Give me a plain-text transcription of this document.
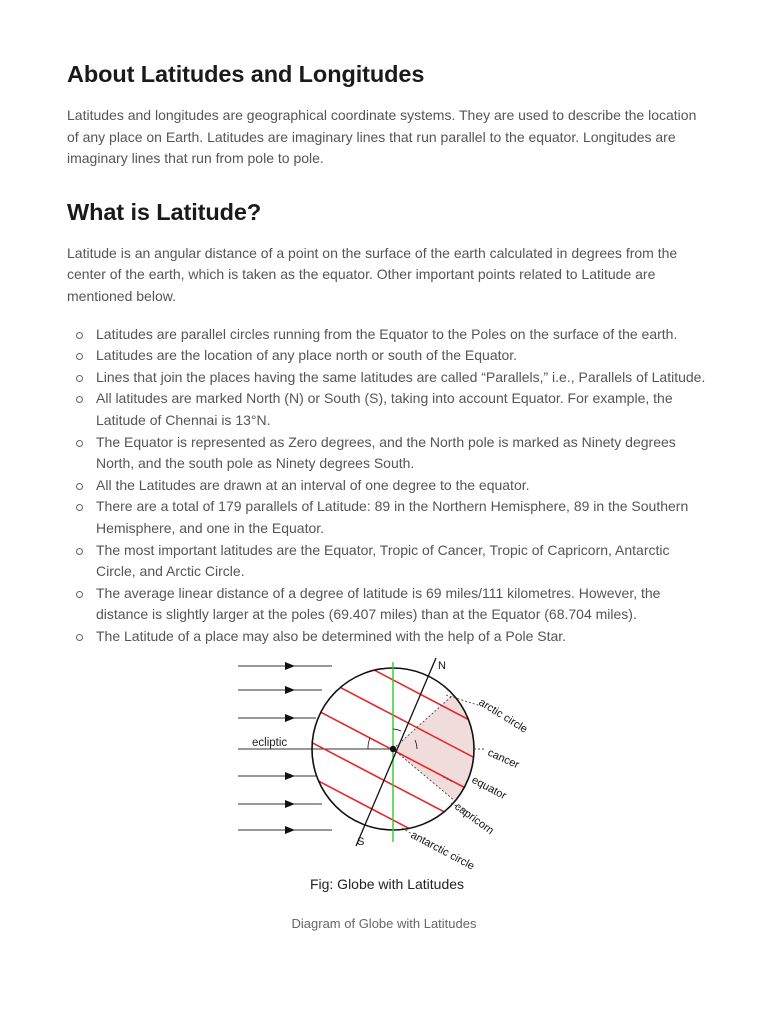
About Latitudes and Longitudes

Latitudes and longitudes are geographical coordinate systems. They are used to describe the location of any place on Earth. Latitudes are imaginary lines that run parallel to the equator. Longitudes are imaginary lines that run from pole to pole.

What is Latitude?

Latitude is an angular distance of a point on the surface of the earth calculated in degrees from the center of the earth, which is taken as the equator. Other important points related to Latitude are mentioned below.

Latitudes are parallel circles running from the Equator to the Poles on the surface of the earth.
Latitudes are the location of any place north or south of the Equator.
Lines that join the places having the same latitudes are called “Parallels,” i.e., Parallels of Latitude.
All latitudes are marked North (N) or South (S), taking into account Equator. For example, the Latitude of Chennai is 13°N.
The Equator is represented as Zero degrees, and the North pole is marked as Ninety degrees North, and the south pole as Ninety degrees South.
All the Latitudes are drawn at an interval of one degree to the equator.
There are a total of 179 parallels of Latitude: 89 in the Northern Hemisphere, 89 in the Southern Hemisphere, and one in the Equator.
The most important latitudes are the Equator, Tropic of Cancer, Tropic of Capricorn, Antarctic Circle, and Arctic Circle.
The average linear distance of a degree of latitude is 69 miles/111 kilometres. However, the distance is slightly larger at the poles (69.407 miles) than at the Equator (68.704 miles).
The Latitude of a place may also be determined with the help of a Pole Star.
ecliptic
N
S
arctic circle
cancer
equator
capricorn
antarctic circle
Fig: Globe with Latitudes
Diagram of Globe with Latitudes
